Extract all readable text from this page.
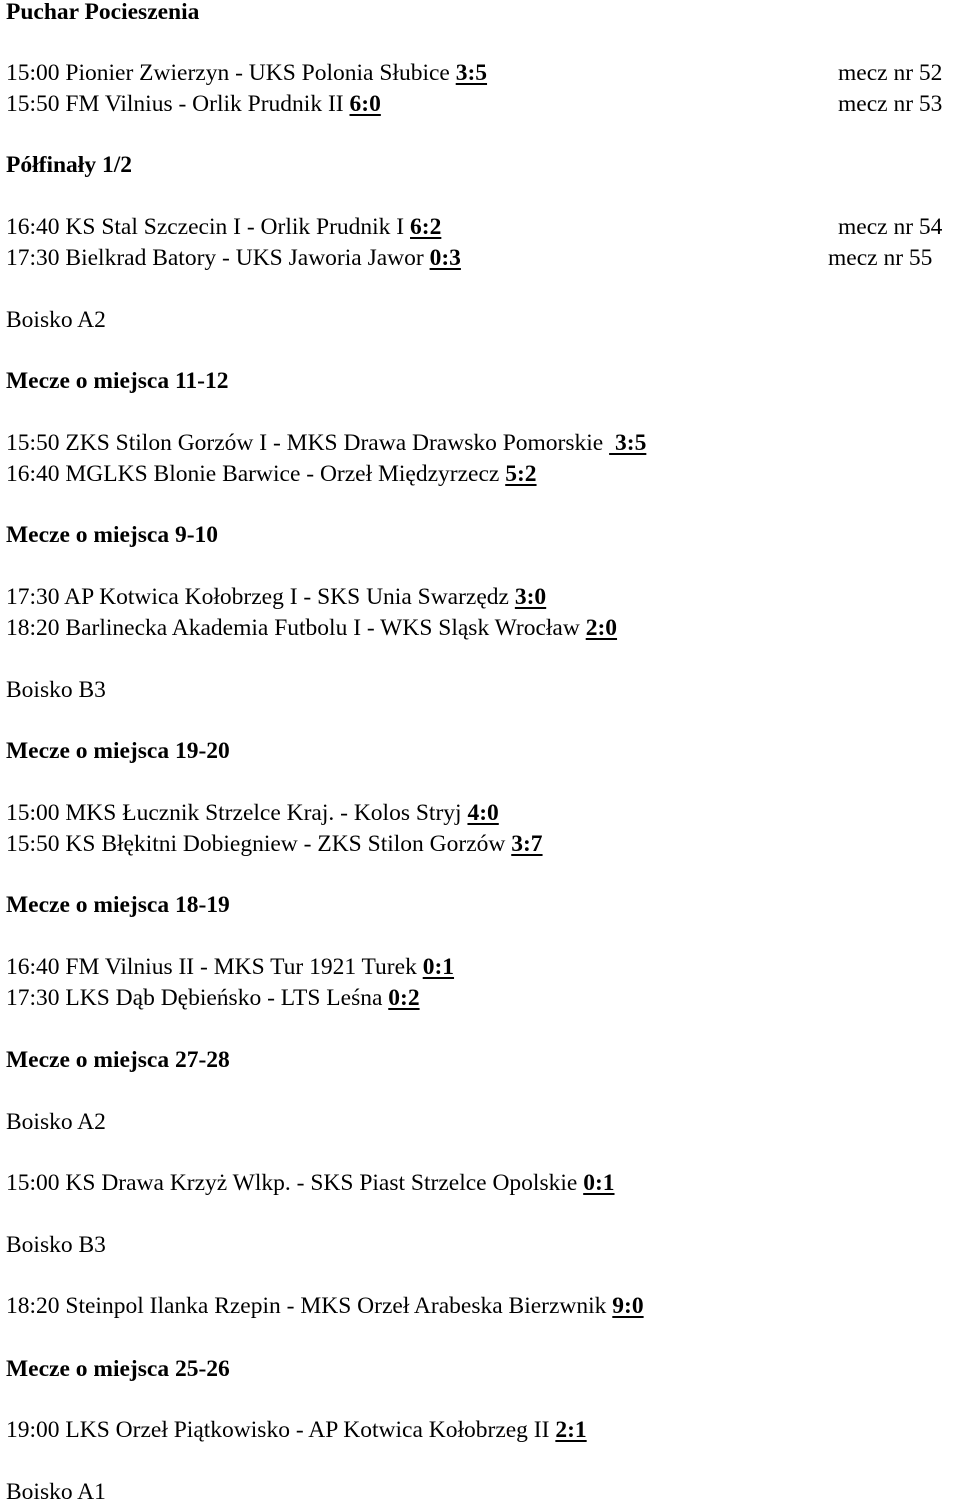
Puchar Pocieszenia
15:00 Pionier Zwierzyn - UKS Polonia Słubice 3:5	mecz nr 52
15:50 FM Vilnius - Orlik Prudnik II 6:0	mecz nr 53
Półfinały 1/2
16:40 KS Stal Szczecin I - Orlik Prudnik I 6:2	mecz nr 54
17:30 Bielkrad Batory - UKS Jaworia Jawor 0:3	mecz nr 55
Boisko A2
Mecze o miejsca 11-12
15:50 ZKS Stilon Gorzów I - MKS Drawa Drawsko Pomorskie  3:5
16:40 MGLKS Blonie Barwice - Orzeł Międzyrzecz 5:2
Mecze o miejsca 9-10
17:30 AP Kotwica Kołobrzeg I - SKS Unia Swarzędz 3:0
18:20 Barlinecka Akademia Futbolu I - WKS Sląsk Wrocław 2:0
Boisko B3
Mecze o miejsca 19-20
15:00 MKS Łucznik Strzelce Kraj. - Kolos Stryj 4:0
15:50 KS Błękitni Dobiegniew - ZKS Stilon Gorzów 3:7
Mecze o miejsca 18-19
16:40 FM Vilnius II - MKS Tur 1921 Turek 0:1
17:30 LKS Dąb Dębieńsko - LTS Leśna 0:2
Mecze o miejsca 27-28
Boisko A2
15:00 KS Drawa Krzyż Wlkp. - SKS Piast Strzelce Opolskie 0:1
Boisko B3
18:20 Steinpol Ilanka Rzepin - MKS Orzeł Arabeska Bierzwnik 9:0
Mecze o miejsca 25-26
19:00 LKS Orzeł Piątkowisko - AP Kotwica Kołobrzeg II 2:1
Boisko A1
